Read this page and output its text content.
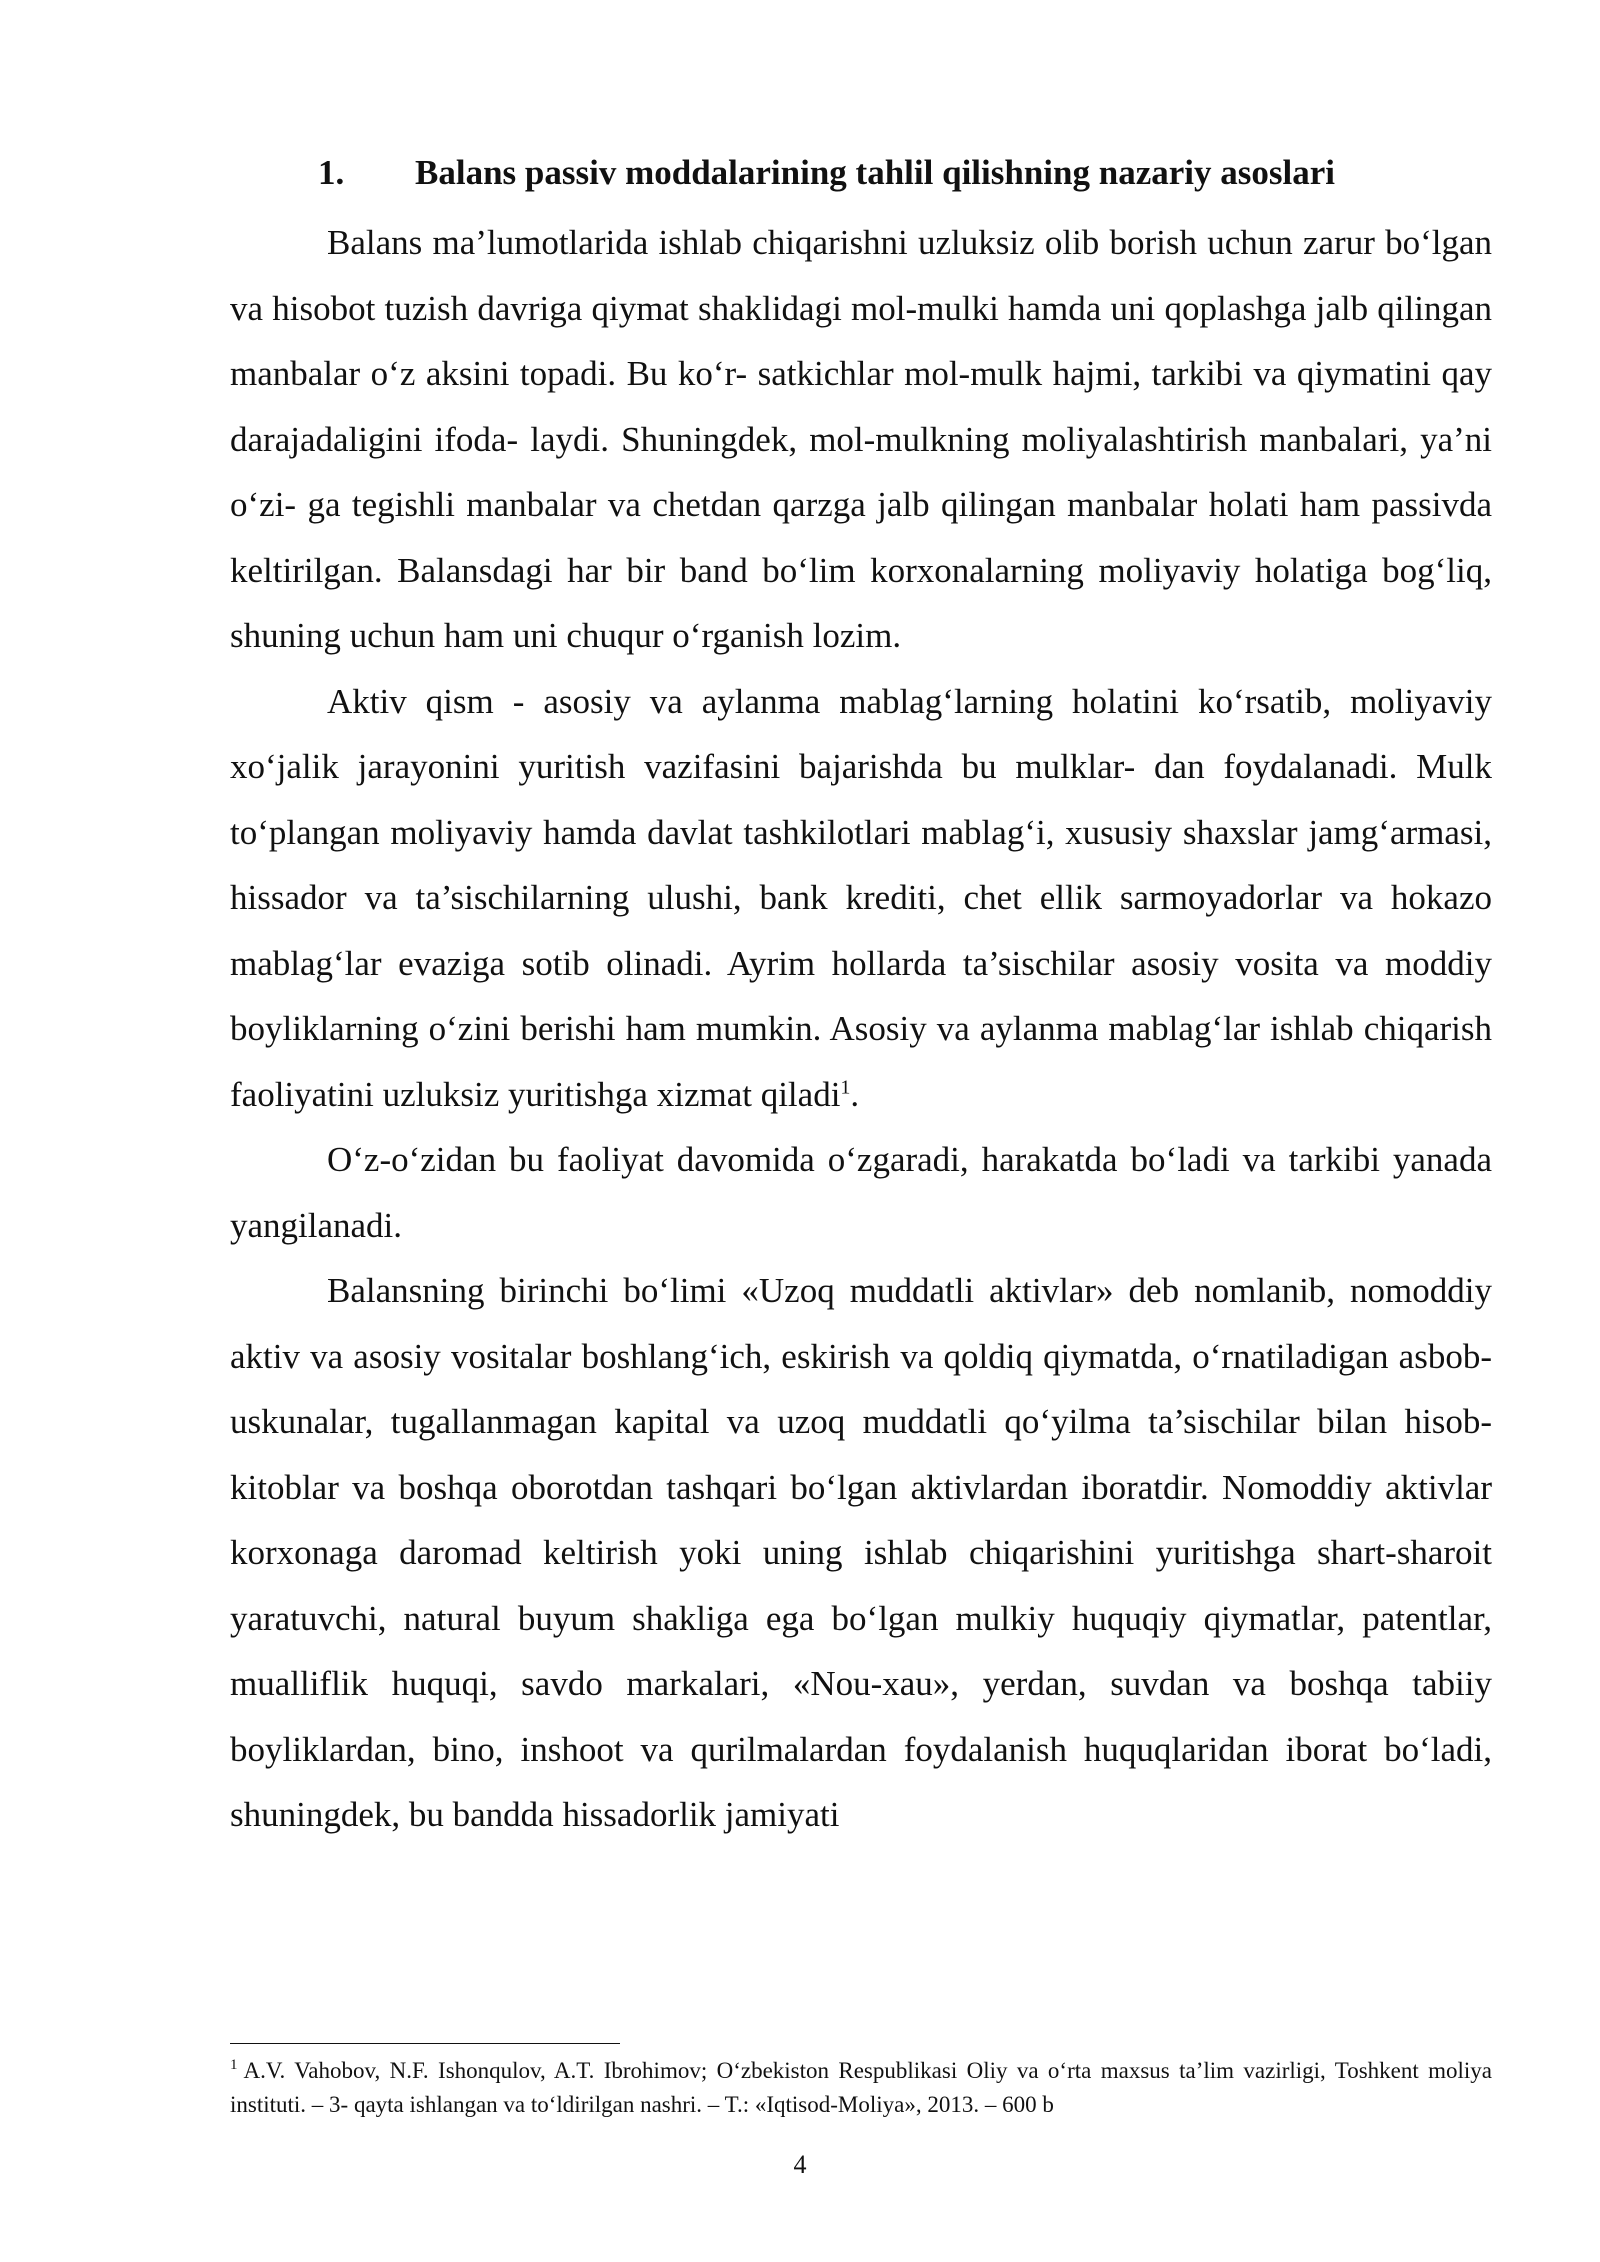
1. Balans passiv moddalarining tahlil qilishning nazariy asoslari

Balans ma’lumotlarida ishlab chiqarishni uzluksiz olib borish uchun zarur bo‘lgan va hisobot tuzish davriga qiymat shaklidagi mol-mulki hamda uni qoplashga jalb qilingan manbalar o‘z aksini topadi. Bu ko‘r- satkichlar mol-mulk hajmi, tarkibi va qiymatini qay darajadaligini ifoda- laydi. Shuningdek, mol-mulkning moliyalashtirish manbalari, ya’ni o‘zi- ga tegishli manbalar va chetdan qarzga jalb qilingan manbalar holati ham passivda keltirilgan. Balansdagi har bir band bo‘lim korxonalarning moliyaviy holatiga bog‘liq, shuning uchun ham uni chuqur o‘rganish lozim.

Aktiv qism - asosiy va aylanma mablag‘larning holatini ko‘rsatib, moliyaviy xo‘jalik jarayonini yuritish vazifasini bajarishda bu mulklar- dan foydalanadi. Mulk to‘plangan moliyaviy hamda davlat tashkilotlari mablag‘i, xususiy shaxslar jamg‘armasi, hissador va ta’sischilarning ulushi, bank krediti, chet ellik sarmoyadorlar va hokazo mablag‘lar evaziga sotib olinadi. Ayrim hollarda ta’sischilar asosiy vosita va moddiy boyliklarning o‘zini berishi ham mumkin. Asosiy va aylanma mablag‘lar ishlab chiqarish faoliyatini uzluksiz yuritishga xizmat qiladi$^1$.

O‘z-o‘zidan bu faoliyat davomida o‘zgaradi, harakatda bo‘ladi va tarkibi yanada yangilanadi.

Balansning birinchi bo‘limi «Uzoq muddatli aktivlar» deb nomlanib, nomoddiy aktiv va asosiy vositalar boshlang‘ich, eskirish va qoldiq qiymatda, o‘rnatiladigan asbob-uskunalar, tugallanmagan kapital va uzoq muddatli qo‘yilma ta’sischilar bilan hisob-kitoblar va boshqa oborotdan tashqari bo‘lgan aktivlardan iboratdir. Nomoddiy aktivlar korxonaga daromad keltirish yoki uning ishlab chiqarishini yuritishga shart-sharoit yaratuvchi, natural buyum shakliga ega bo‘lgan mulkiy huquqiy qiymatlar, patentlar, mualliflik huquqi, savdo markalari, «Nou-xau», yerdan, suvdan va boshqa tabiiy boyliklardan, bino, inshoot va qurilmalardan foydalanish huquqlaridan iborat bo‘ladi, shuningdek, bu bandda hissadorlik jamiyati

$^1$ A.V. Vahobov, N.F. Ishonqulov, A.T. Ibrohimov; O‘zbekiston Respublikasi Oliy va o‘rta maxsus ta’lim vazirligi, Toshkent moliya instituti. – 3- qayta ishlangan va to‘ldirilgan nashri. – T.: «Iqtisod-Moliya», 2013. – 600 b

4
